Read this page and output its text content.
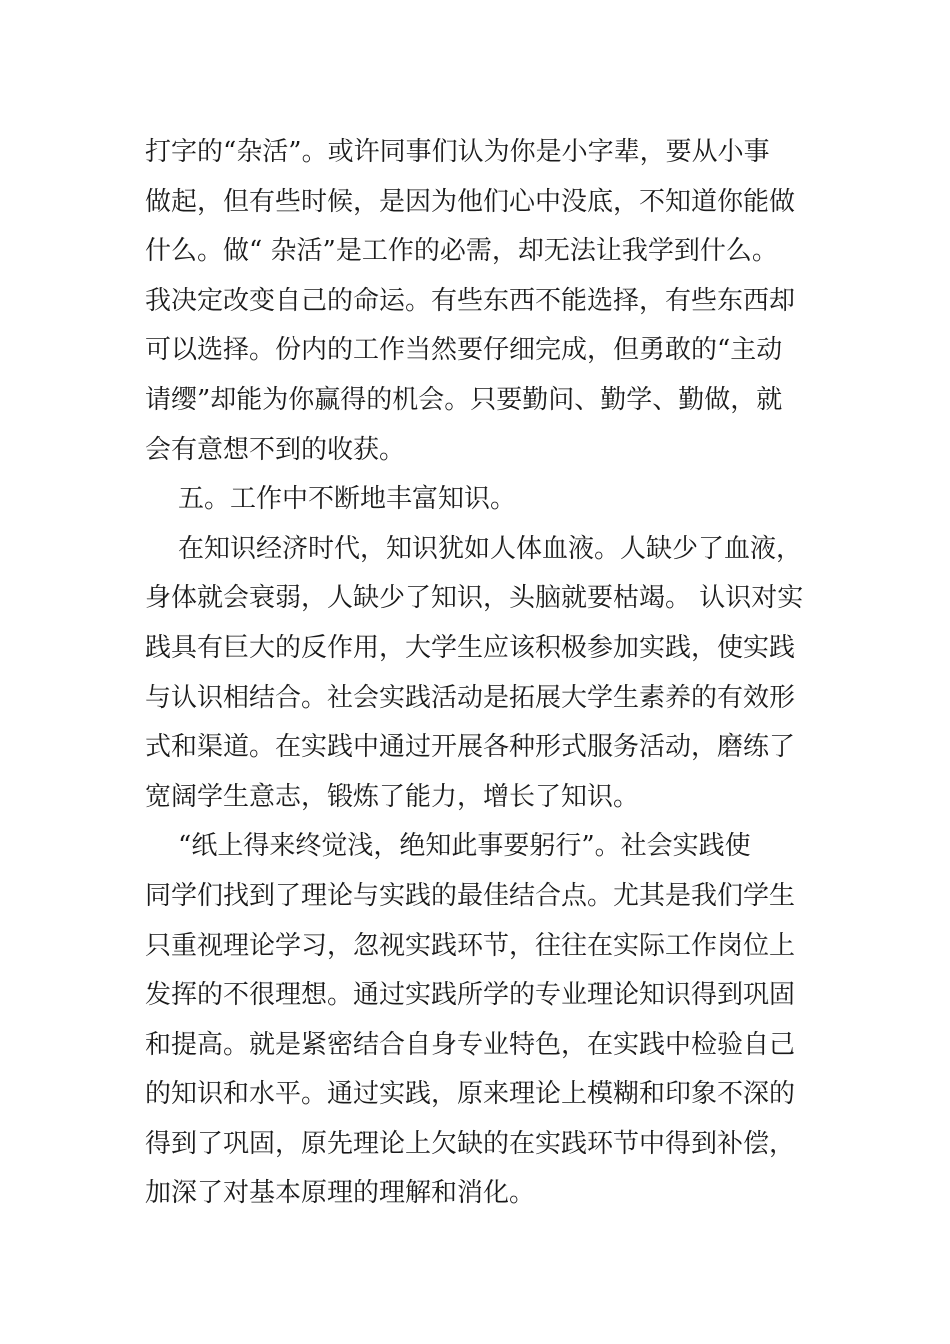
打字的“杂活”。或许同事们认为你是小字辈，要从小事
做起，但有些时候，是因为他们心中没底，不知道你能做
什么。做“ 杂活”是工作的必需，却无法让我学到什么。
我决定改变自己的命运。有些东西不能选择，有些东西却
可以选择。份内的工作当然要仔细完成，但勇敢的“主动
请缨”却能为你赢得的机会。只要勤问、勤学、勤做，就
会有意想不到的收获。
五。工作中不断地丰富知识。
在知识经济时代，知识犹如人体血液。人缺少了血液，
身体就会衰弱，人缺少了知识，头脑就要枯竭。 认识对实
践具有巨大的反作用，大学生应该积极参加实践，使实践
与认识相结合。社会实践活动是拓展大学生素养的有效形
式和渠道。在实践中通过开展各种形式服务活动，磨练了
宽阔学生意志，锻炼了能力，增长了知识。
“纸上得来终觉浅，绝知此事要躬行”。社会实践使
同学们找到了理论与实践的最佳结合点。尤其是我们学生
只重视理论学习，忽视实践环节，往往在实际工作岗位上
发挥的不很理想。通过实践所学的专业理论知识得到巩固
和提高。就是紧密结合自身专业特色，在实践中检验自己
的知识和水平。通过实践，原来理论上模糊和印象不深的
得到了巩固，原先理论上欠缺的在实践环节中得到补偿，
加深了对基本原理的理解和消化。
